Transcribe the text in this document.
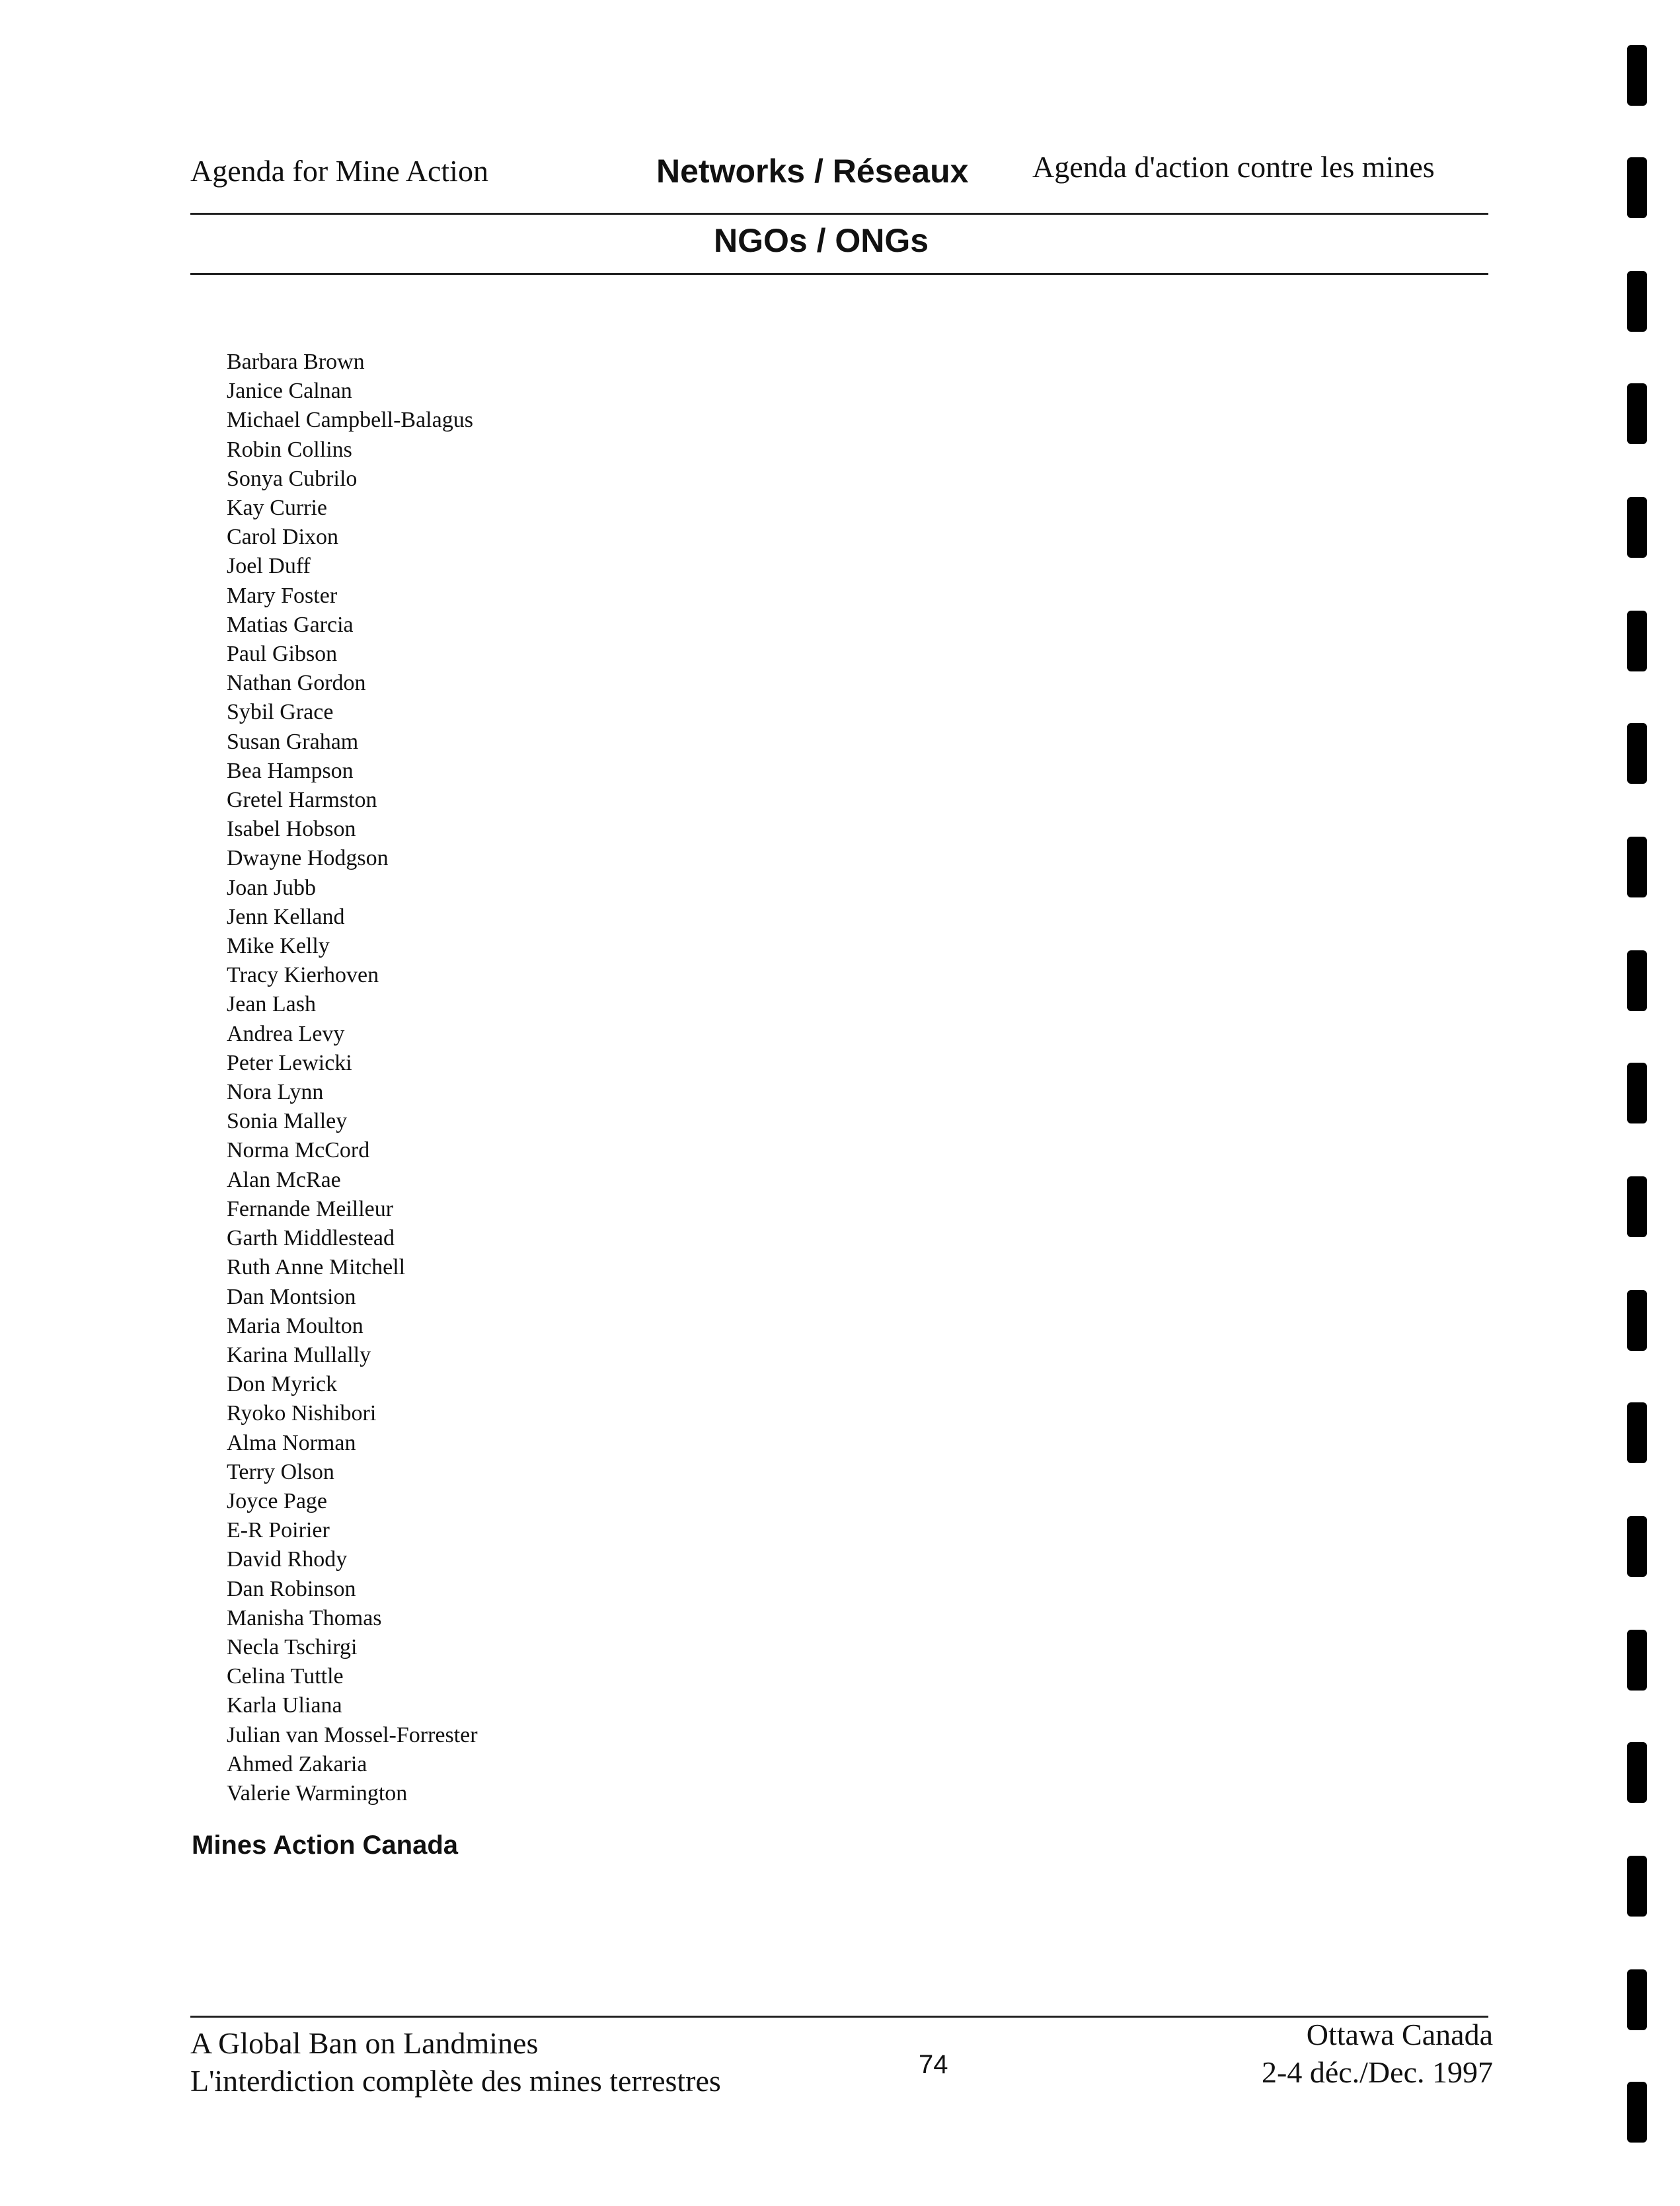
Agenda for Mine Action	Networks / Réseaux Agenda d'action contre les mines
NGOs / ONGs
Barbara Brown
Janice Calnan
Michael Campbell-Balagus
Robin Collins
Sonya Cubrilo
Kay Currie
Carol Dixon
Joel Duff
Mary Foster
Matias Garcia
Paul Gibson
Nathan Gordon
Sybil Grace
Susan Graham
Bea Hampson
Gretel Harmston
Isabel Hobson
Dwayne Hodgson
Joan Jubb
Jenn Kelland
Mike Kelly
Tracy Kierhoven
Jean Lash
Andrea Levy
Peter Lewicki
Nora Lynn
Sonia Malley
Norma McCord
Alan McRae
Fernande Meilleur
Garth Middlestead
Ruth Anne Mitchell
Dan Montsion
Maria Moulton
Karina Mullally
Don Myrick
Ryoko Nishibori
Alma Norman
Terry Olson
Joyce Page
E-R Poirier
David Rhody
Dan Robinson
Manisha Thomas
Necla Tschirgi
Celina Tuttle
Karla Uliana
Julian van Mossel-Forrester
Ahmed Zakaria
Valerie Warmington
Mines Action Canada
A Global Ban on Landmines
L'interdiction complète des mines terrestres	74
Ottawa Canada
2-4 déc./Dec. 1997
